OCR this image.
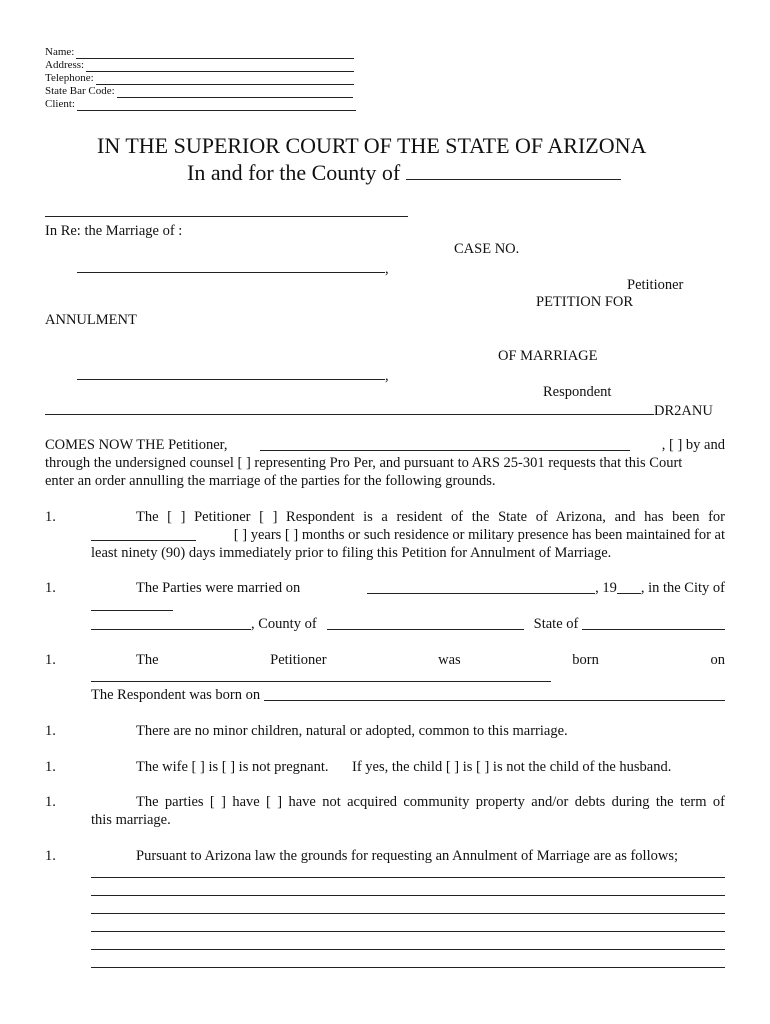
Name:
Address:
Telephone:
State Bar Code:
Client:
IN THE SUPERIOR COURT OF THE STATE OF ARIZONA
In and for the County of
In Re: the Marriage of :
CASE NO.
,
Petitioner
PETITION FOR
ANNULMENT
OF MARRIAGE
,
Respondent
DR2ANU
COMES NOW THE Petitioner,	, [ ] by and
through the undersigned counsel [ ] representing Pro Per, and pursuant to ARS 25-301 requests that this Court
enter an order annulling the marriage of the parties for the following grounds.
1.	The [ ] Petitioner [ ] Respondent is a resident of the State of Arizona, and has been for
[ ] years [ ] months or such residence or military presence has been maintained for at
least ninety (90) days immediately prior to filing this Petition for Annulment of Marriage.
1.	The Parties were married on	, 19 , in the City of
, County of	State of

1.	The	Petitioner	was	born	on
The Respondent was born on

1.	There are no minor children, natural or adopted, common to this marriage.
1.	The wife [ ] is [ ] is not pregnant. If yes, the child [ ] is [ ] is not the child of the husband.
1.	The parties [ ] have [ ] have not acquired community property and/or debts during the term of
this marriage.
1.	Pursuant to Arizona law the grounds for requesting an Annulment of Marriage are as follows;
